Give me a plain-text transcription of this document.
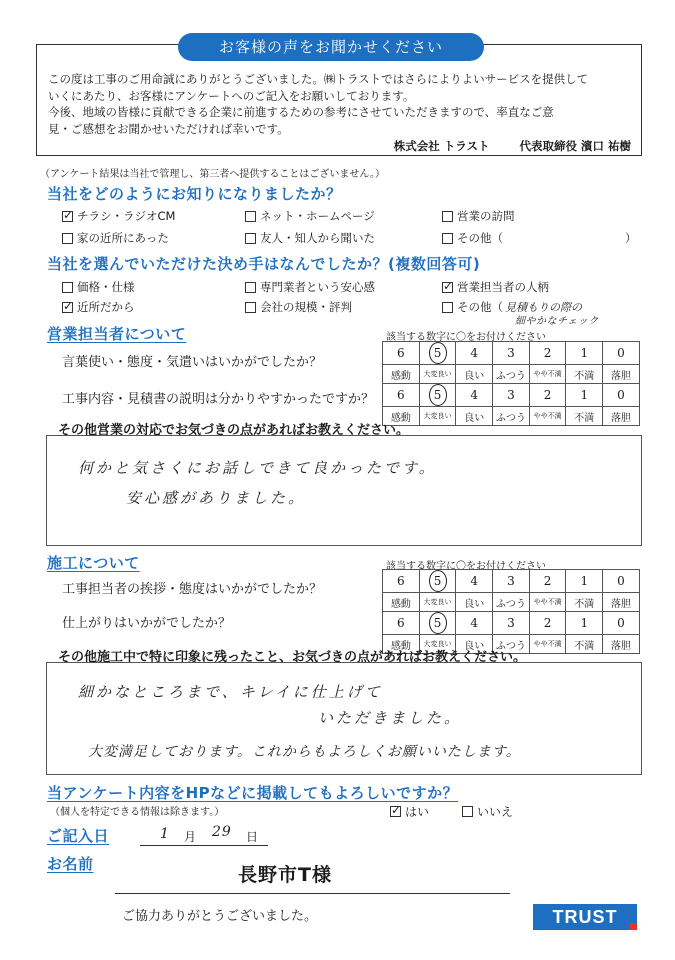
お客様の声をお聞かせください
この度は工事のご用命誠にありがとうございました。㈱トラストではさらによりよいサービスを提供して
いくにあたり、お客様にアンケートへのご記入をお願いしております。
今後、地域の皆様に貢献できる企業に前進するための参考にさせていただきますので、率直なご意
見・ご感想をお聞かせいただければ幸いです。
株式会社 トラスト	代表取締役 濱口 祐樹
（アンケート結果は当社で管理し、第三者へ提供することはございません。）
当社をどのようにお知りになりましたか？
✓
チラシ・ラジオCM	ネット・ホームページ	営業の訪問
家の近所にあった	友人・知人から聞いた	その他（	）
当社を選んでいただけた決め手はなんでしたか？(複数回答可)
価格・仕様	専門業者という安心感 ✓	営業担当者の人柄
✓
近所だから	会社の規模・評判	その他（ 見積もりの際の
細やかなチェック
営業担当者について	該当する数字に〇をお付けください
言葉使い・態度・気遣いはいかがでしたか？
工事内容・見積書の説明は分かりやすかったですか？
6	5	4	3	2	1	0
感動	大変良い	良い	ふつう	やや不満	不満	落胆
6	5	4	3	2	1	0
感動	大変良い	良い	ふつう	やや不満	不満	落胆
その他営業の対応でお気づきの点があればお教えください。
何かと気さくにお話しできて良かったです。
安心感がありました。
施工について	該当する数字に〇をお付けください
工事担当者の挨拶・態度はいかがでしたか？
仕上がりはいかがでしたか？
6	5	4	3	2	1	0
感動	大変良い	良い	ふつう	やや不満	不満	落胆
6	5	4	3	2	1	0
感動	大変良い	良い	ふつう	やや不満	不満	落胆
その他施工中で特に印象に残ったこと、お気づきの点があればお教えください。
細かなところまで、キレイに仕上げて
いただきました。
大変満足しております。これからもよろしくお願いいたします。
当アンケート内容をHPなどに掲載してもよろしいですか？
（個人を特定できる情報は除きます。） ✓	はい	いいえ
ご記入日	1 月 29 日
お名前	長野市T様
ご協力ありがとうございました。	TRUST
